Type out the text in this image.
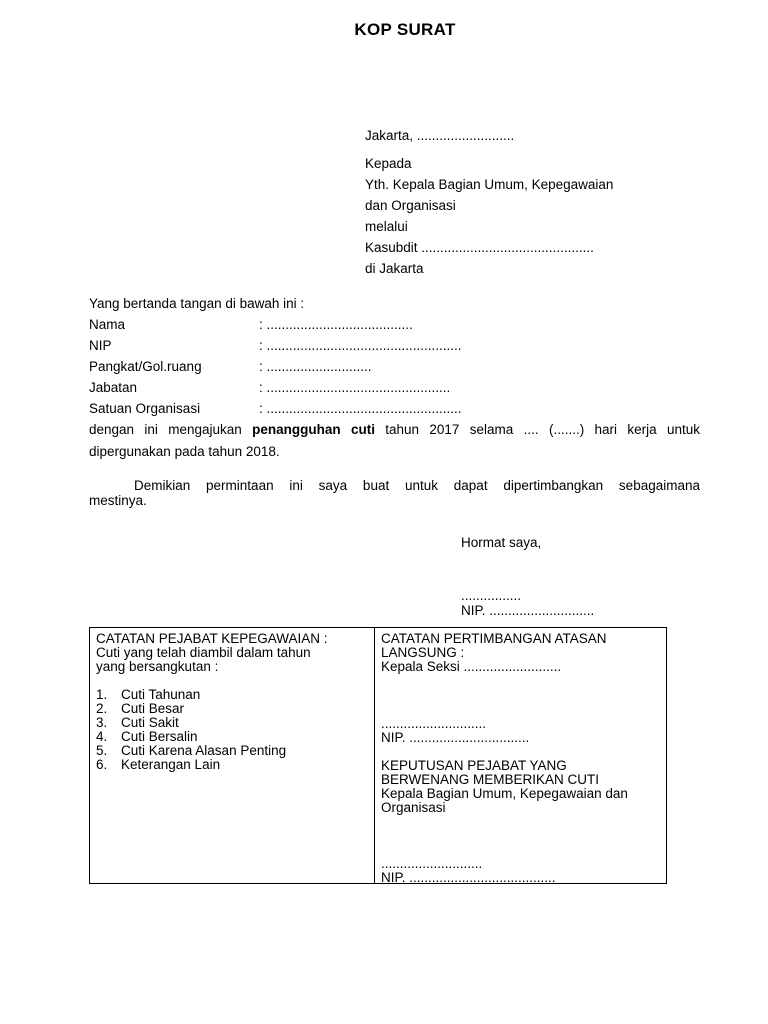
KOP SURAT
Jakarta, ..........................
Kepada
Yth. Kepala Bagian Umum, Kepegawaian
dan Organisasi
melalui
Kasubdit ..............................................
di Jakarta
Yang bertanda tangan di bawah ini :
Nama	: .......................................
NIP	: ....................................................
Pangkat/Gol.ruang	: ............................
Jabatan	: .................................................
Satuan Organisasi	: ....................................................
dengan ini mengajukan penangguhan cuti tahun 2017 selama .... (.......) hari kerja untuk
dipergunakan pada tahun 2018.
Demikian permintaan ini saya buat untuk dapat dipertimbangkan sebagaimana
mestinya.
Hormat saya,
................
NIP. ............................
CATATAN PEJABAT KEPEGAWAIAN :
Cuti yang telah diambil dalam tahun
yang bersangkutan :
1. Cuti Tahunan
2. Cuti Besar
3. Cuti Sakit
4. Cuti Bersalin
5. Cuti Karena Alasan Penting
6. Keterangan Lain
CATATAN PERTIMBANGAN ATASAN
LANGSUNG :
Kepala Seksi ..........................
............................
NIP. ................................
KEPUTUSAN PEJABAT YANG
BERWENANG MEMBERIKAN CUTI
Kepala Bagian Umum, Kepegawaian dan
Organisasi
...........................
NIP. .......................................
